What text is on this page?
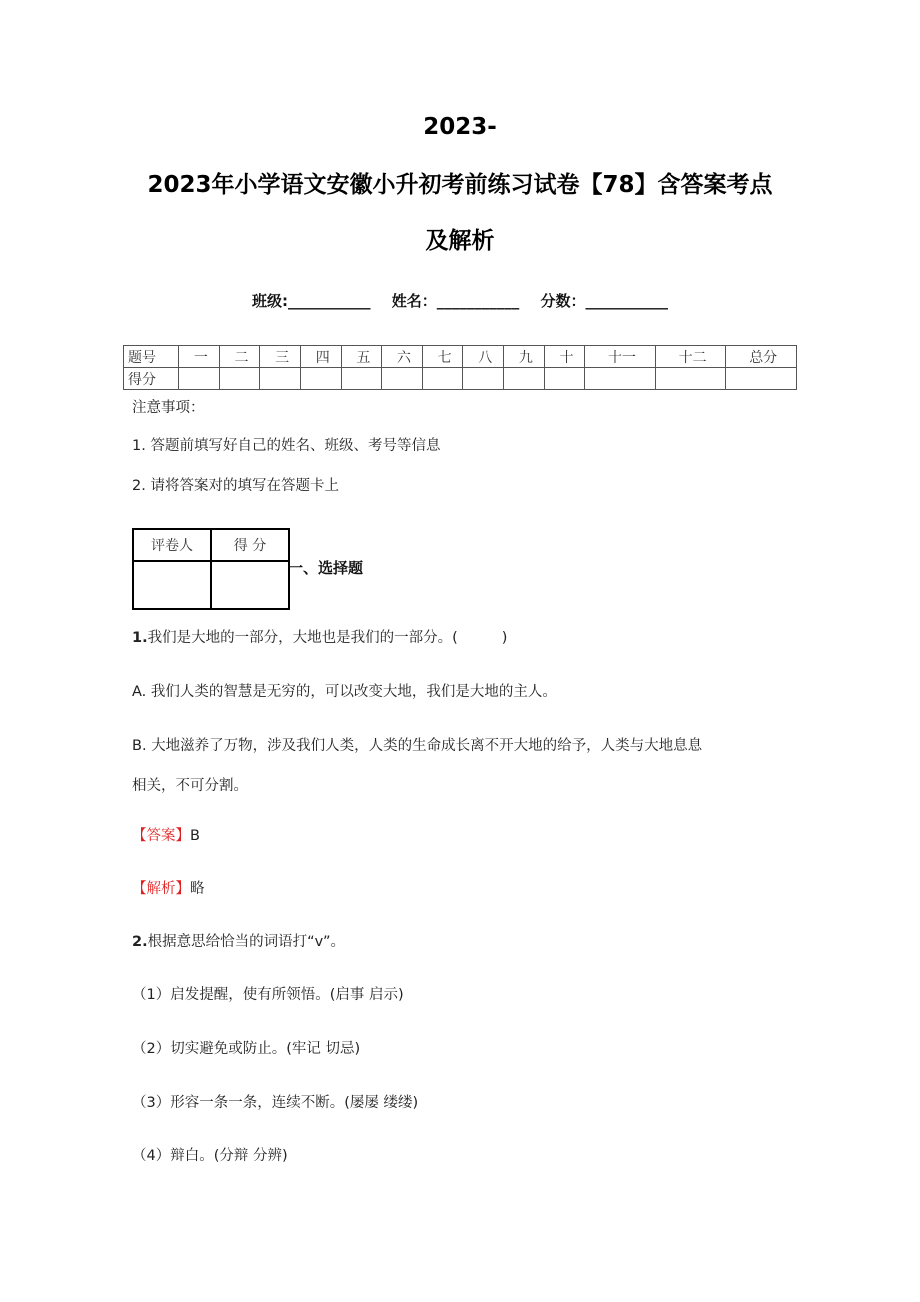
2023-
2023年小学语文安徽小升初考前练习试卷【78】含答案考点
及解析
班级:___________ 姓名：___________ 分数：___________
题号	一	二	三	四	五	六	七	八	九	十	十一	十二	总分
得分													
注意事项：
1. 答题前填写好自己的姓名、班级、考号等信息
2. 请将答案对的填写在答题卡上
评卷人	得 分

一、选择题
1.我们是大地的一部分，大地也是我们的一部分。(	)
A. 我们人类的智慧是无穷的，可以改变大地，我们是大地的主人。
B. 大地滋养了万物，涉及我们人类，人类的生命成长离不开大地的给予，人类与大地息息
相关，不可分割。
【答案】B
【解析】略
2.根据意思给恰当的词语打“v”。
（1）启发提醒，使有所领悟。(启事 启示)
（2）切实避免或防止。(牢记 切忌)
（3）形容一条一条，连续不断。(屡屡 缕缕)
（4）辩白。(分辩 分辨)
